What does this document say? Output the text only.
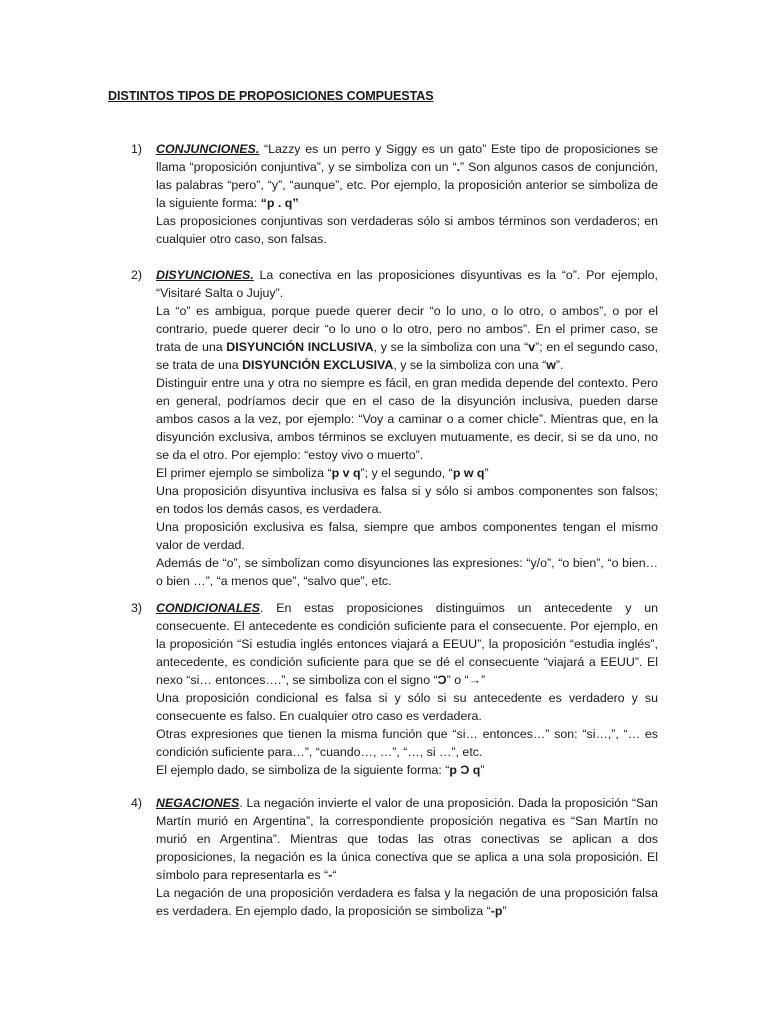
DISTINTOS TIPOS DE PROPOSICIONES COMPUESTAS
1) CONJUNCIONES. “Lazzy es un perro y Siggy es un gato” Este tipo de proposiciones se llama “proposición conjuntiva”, y se simboliza con un “.” Son algunos casos de conjunción, las palabras “pero”, “y”, “aunque”, etc. Por ejemplo, la proposición anterior se simboliza de la siguiente forma: “p . q”
Las proposiciones conjuntivas son verdaderas sólo si ambos términos son verdaderos; en cualquier otro caso, son falsas.
2) DISYUNCIONES. La conectiva en las proposiciones disyuntivas es la “o”. Por ejemplo, “Visitaré Salta o Jujuy”.
La “o” es ambigua, porque puede querer decir “o lo uno, o lo otro, o ambos”, o por el contrario, puede querer decir “o lo uno o lo otro, pero no ambos”. En el primer caso, se trata de una DISYUNCIÓN INCLUSIVA, y se la simboliza con una “v”; en el segundo caso, se trata de una DISYUNCIÓN EXCLUSIVA, y se la simboliza con una “w”.
Distinguir entre una y otra no siempre es fácil, en gran medida depende del contexto. Pero en general, podríamos decir que en el caso de la disyunción inclusiva, pueden darse ambos casos a la vez, por ejemplo: “Voy a caminar o a comer chicle”. Mientras que, en la disyunción exclusiva, ambos términos se excluyen mutuamente, es decir, si se da uno, no se da el otro. Por ejemplo: “estoy vivo o muerto”.
El primer ejemplo se simboliza “p v q”; y el segundo, “p w q”
Una proposición disyuntiva inclusiva es falsa si y sólo si ambos componentes son falsos; en todos los demás casos, es verdadera.
Una proposición exclusiva es falsa, siempre que ambos componentes tengan el mismo valor de verdad.
Además de “o”, se simbolizan como disyunciones las expresiones: “y/o”, “o bien”, “o bien… o bien …”, “a menos que”, “salvo que”, etc.
3) CONDICIONALES. En estas proposiciones distinguimos un antecedente y un consecuente. El antecedente es condición suficiente para el consecuente. Por ejemplo, en la proposición “Si estudia inglés entonces viajará a EEUU”, la proposición “estudia inglés”, antecedente, es condición suficiente para que se dé el consecuente “viajará a EEUU”. El nexo “si… entonces….”, se simboliza con el signo “Ɔ” o “→”
Una proposición condicional es falsa si y sólo si su antecedente es verdadero y su consecuente es falso. En cualquier otro caso es verdadera.
Otras expresiones que tienen la misma función que “si… entonces…” son: “si…,”, “… es condición suficiente para…”, “cuando…, …”, “…, si …”, etc.
El ejemplo dado, se simboliza de la siguiente forma: “p Ɔ q”
4) NEGACIONES. La negación invierte el valor de una proposición. Dada la proposición “San Martín murió en Argentina”, la correspondiente proposición negativa es “San Martín no murió en Argentina”. Mientras que todas las otras conectivas se aplican a dos proposiciones, la negación es la única conectiva que se aplica a una sola proposición. El símbolo para representarla es “-“
La negación de una proposición verdadera es falsa y la negación de una proposición falsa es verdadera. En ejemplo dado, la proposición se simboliza “-p”
